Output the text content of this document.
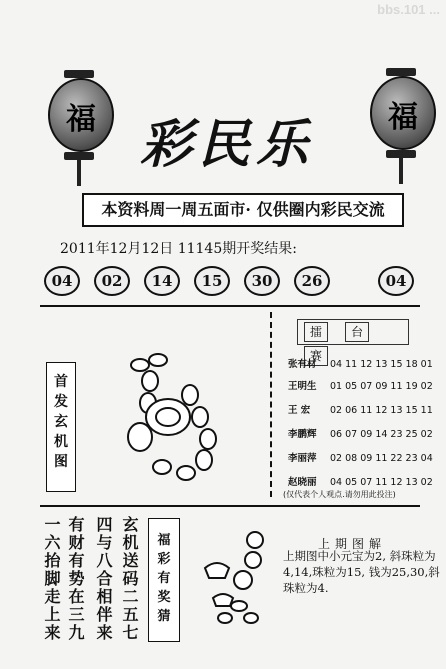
bbs.101 ...
福	福
彩民乐
本资料周一周五面市· 仅供圈内彩民交流
2011年12月12日 11145期开奖结果:
04	02	14	15	30	26	04
首
发
玄
机
图
擂 台 赛
张有材 04 11 12 13 15 18 01
王明生 01 05 07 09 11 19 02
王 宏 02 06 11 12 13 15 11
李鹏辉 06 07 09 14 23 25 02
李丽萍 02 08 09 11 22 23 04
赵晓丽 04 05 07 11 12 13 02
(仅代表个人观点.请勿用此投注)
一六抬脚走上来 有财有势在三九 四与八合相伴来 玄机送码二五七	福
彩
有
奖
猜
上期图解
上期图中小元宝为2, 斜珠粒为4,14,珠粒为15, 钱为25,30,斜珠粒为4.
